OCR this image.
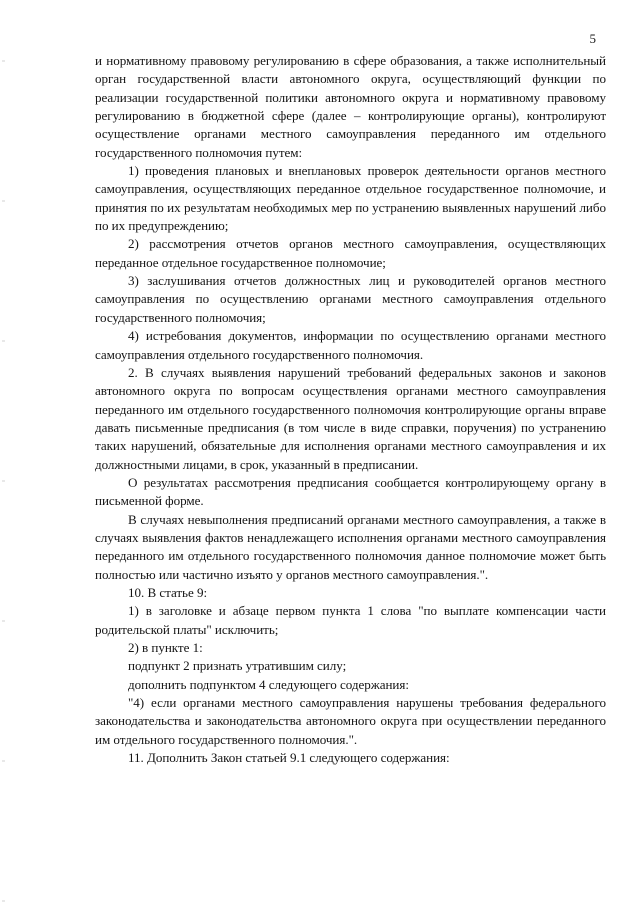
5

и нормативному правовому регулированию в сфере образования, а также исполнительный орган государственной власти автономного округа, осуществляющий функции по реализации государственной политики автономного округа и нормативному правовому регулированию в бюджетной сфере (далее – контролирующие органы), контролируют осуществление органами местного самоуправления переданного им отдельного государственного полномочия путем:

1) проведения плановых и внеплановых проверок деятельности органов местного самоуправления, осуществляющих переданное отдельное государственное полномочие, и принятия по их результатам необходимых мер по устранению выявленных нарушений либо по их предупреждению;

2) рассмотрения отчетов органов местного самоуправления, осуществляющих переданное отдельное государственное полномочие;

3) заслушивания отчетов должностных лиц и руководителей органов местного самоуправления по осуществлению органами местного самоуправления отдельного государственного полномочия;

4) истребования документов, информации по осуществлению органами местного самоуправления отдельного государственного полномочия.

2. В случаях выявления нарушений требований федеральных законов и законов автономного округа по вопросам осуществления органами местного самоуправления переданного им отдельного государственного полномочия контролирующие органы вправе давать письменные предписания (в том числе в виде справки, поручения) по устранению таких нарушений, обязательные для исполнения органами местного самоуправления и их должностными лицами, в срок, указанный в предписании.

О результатах рассмотрения предписания сообщается контролирующему органу в письменной форме.

В случаях невыполнения предписаний органами местного самоуправления, а также в случаях выявления фактов ненадлежащего исполнения органами местного самоуправления переданного им отдельного государственного полномочия данное полномочие может быть полностью или частично изъято у органов местного самоуправления.".

10. В статье 9:

1) в заголовке и абзаце первом пункта 1 слова "по выплате компенсации части родительской платы" исключить;

2) в пункте 1:

подпункт 2 признать утратившим силу;

дополнить подпунктом 4 следующего содержания:

"4) если органами местного самоуправления нарушены требования федерального законодательства и законодательства автономного округа при осуществлении переданного им отдельного государственного полномочия.".

11. Дополнить Закон статьей 9.1 следующего содержания:
